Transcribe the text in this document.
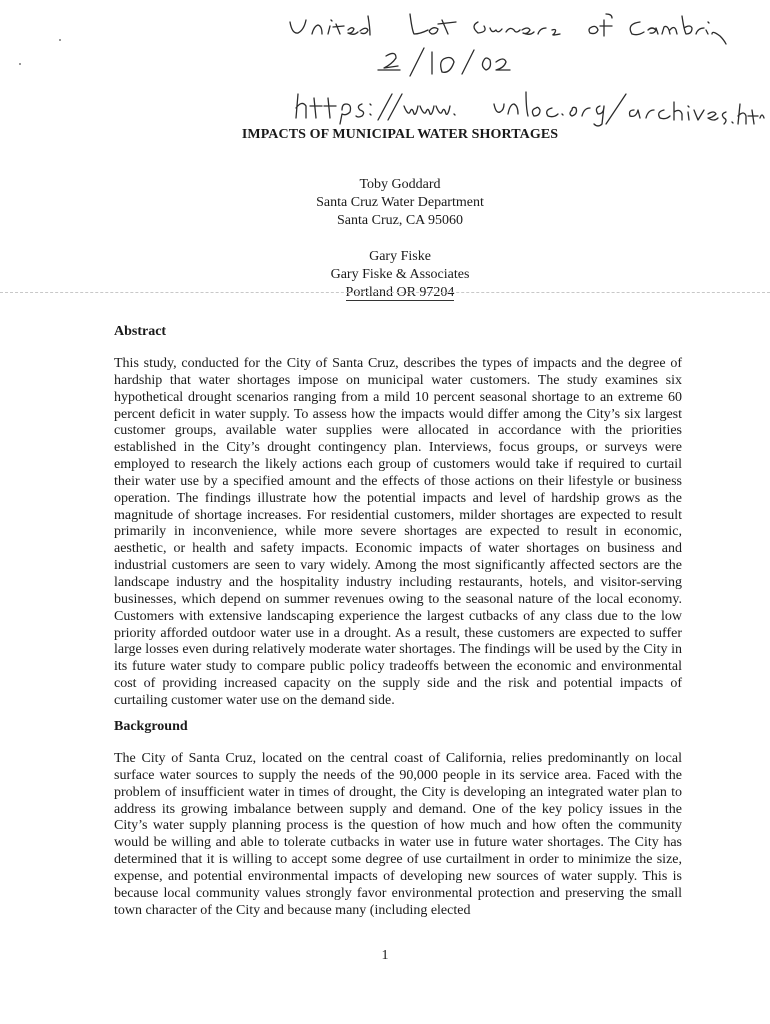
IMPACTS OF MUNICIPAL WATER SHORTAGES
Toby Goddard
Santa Cruz Water Department
Santa Cruz, CA 95060
Gary Fiske
Gary Fiske & Associates
Portland OR 97204
Abstract
This study, conducted for the City of Santa Cruz, describes the types of impacts and the degree of hardship that water shortages impose on municipal water customers. The study examines six hypothetical drought scenarios ranging from a mild 10 percent seasonal shortage to an extreme 60 percent deficit in water supply. To assess how the impacts would differ among the City’s six largest customer groups, available water supplies were allocated in accordance with the priorities established in the City’s drought contingency plan. Interviews, focus groups, or surveys were employed to research the likely actions each group of customers would take if required to curtail their water use by a specified amount and the effects of those actions on their lifestyle or business operation. The findings illustrate how the potential impacts and level of hardship grows as the magnitude of shortage increases. For residential customers, milder shortages are expected to result primarily in inconvenience, while more severe shortages are expected to result in economic, aesthetic, or health and safety impacts. Economic impacts of water shortages on business and industrial customers are seen to vary widely. Among the most significantly affected sectors are the landscape industry and the hospitality industry including restaurants, hotels, and visitor-serving businesses, which depend on summer revenues owing to the seasonal nature of the local economy. Customers with extensive landscaping experience the largest cutbacks of any class due to the low priority afforded outdoor water use in a drought. As a result, these customers are expected to suffer large losses even during relatively moderate water shortages. The findings will be used by the City in its future water study to compare public policy tradeoffs between the economic and environmental cost of providing increased capacity on the supply side and the risk and potential impacts of curtailing customer water use on the demand side.
Background
The City of Santa Cruz, located on the central coast of California, relies predominantly on local surface water sources to supply the needs of the 90,000 people in its service area. Faced with the problem of insufficient water in times of drought, the City is developing an integrated water plan to address its growing imbalance between supply and demand. One of the key policy issues in the City’s water supply planning process is the question of how much and how often the community would be willing and able to tolerate cutbacks in water use in future water shortages. The City has determined that it is willing to accept some degree of use curtailment in order to minimize the size, expense, and potential environmental impacts of developing new sources of water supply. This is because local community values strongly favor environmental protection and preserving the small town character of the City and because many (including elected
1
